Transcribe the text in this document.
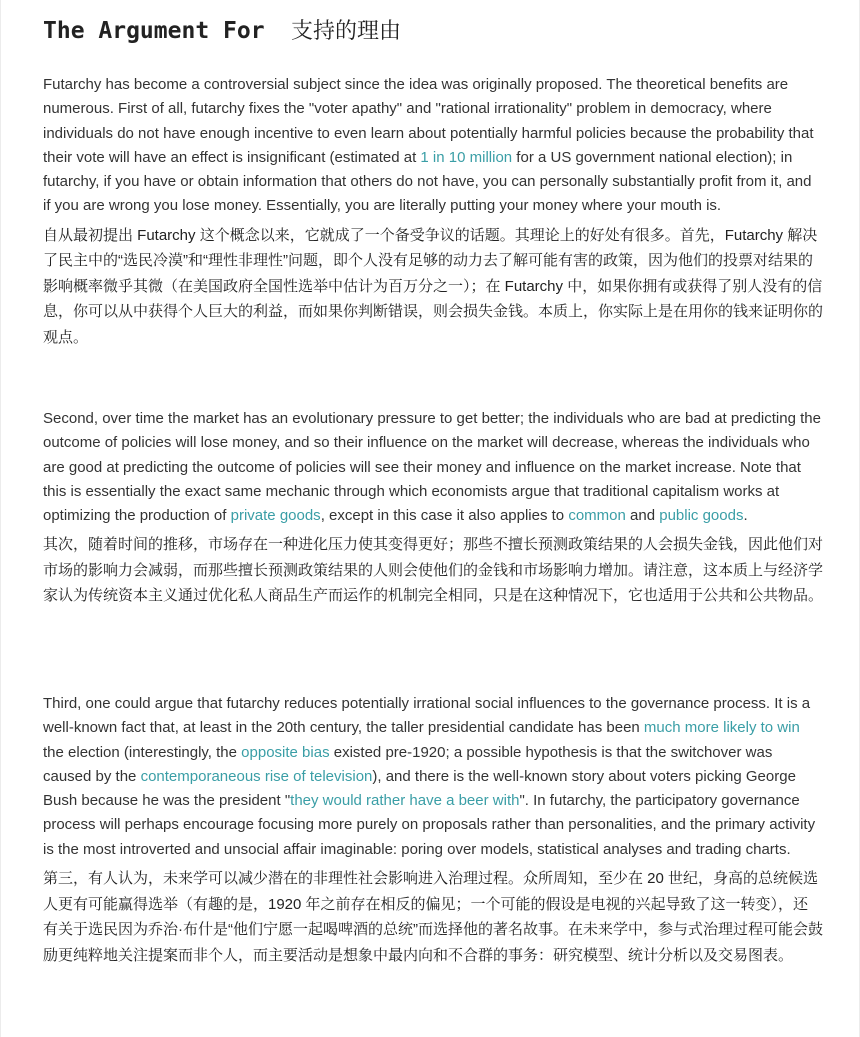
The Argument For 支持的理由

Futarchy has become a controversial subject since the idea was originally proposed. The theoretical benefits are numerous. First of all, futarchy fixes the "voter apathy" and "rational irrationality" problem in democracy, where individuals do not have enough incentive to even learn about potentially harmful policies because the probability that their vote will have an effect is insignificant (estimated at 1 in 10 million for a US government national election); in futarchy, if you have or obtain information that others do not have, you can personally substantially profit from it, and if you are wrong you lose money. Essentially, you are literally putting your money where your mouth is.

自从最初提出 Futarchy 这个概念以来，它就成了一个备受争议的话题。其理论上的好处有很多。首先，Futarchy 解决了民主中的“选民冷漠”和“理性非理性”问题，即个人没有足够的动力去了解可能有害的政策，因为他们的投票对结果的影响概率微乎其微（在美国政府全国性选举中估计为百万分之一）；在 Futarchy 中，如果你拥有或获得了别人没有的信息，你可以从中获得个人巨大的利益，而如果你判断错误，则会损失金钱。本质上，你实际上是在用你的钱来证明你的观点。

Second, over time the market has an evolutionary pressure to get better; the individuals who are bad at predicting the outcome of policies will lose money, and so their influence on the market will decrease, whereas the individuals who are good at predicting the outcome of policies will see their money and influence on the market increase. Note that this is essentially the exact same mechanic through which economists argue that traditional capitalism works at optimizing the production of private goods, except in this case it also applies to common and public goods.

其次，随着时间的推移，市场存在一种进化压力使其变得更好；那些不擅长预测政策结果的人会损失金钱，因此他们对市场的影响力会减弱，而那些擅长预测政策结果的人则会使他们的金钱和市场影响力增加。请注意，这本质上与经济学家认为传统资本主义通过优化私人商品生产而运作的机制完全相同，只是在这种情况下，它也适用于公共和公共物品。

Third, one could argue that futarchy reduces potentially irrational social influences to the governance process. It is a well-known fact that, at least in the 20th century, the taller presidential candidate has been much more likely to win the election (interestingly, the opposite bias existed pre-1920; a possible hypothesis is that the switchover was caused by the contemporaneous rise of television), and there is the well-known story about voters picking George Bush because he was the president "they would rather have a beer with". In futarchy, the participatory governance process will perhaps encourage focusing more purely on proposals rather than personalities, and the primary activity is the most introverted and unsocial affair imaginable: poring over models, statistical analyses and trading charts.

第三，有人认为，未来学可以减少潜在的非理性社会影响进入治理过程。众所周知，至少在 20 世纪，身高的总统候选人更有可能赢得选举（有趣的是，1920 年之前存在相反的偏见；一个可能的假设是电视的兴起导致了这一转变），还有关于选民因为乔治·布什是“他们宁愿一起喝啤酒的总统”而选择他的著名故事。在未来学中，参与式治理过程可能会鼓励更纯粹地关注提案而非个人，而主要活动是想象中最内向和不合群的事务：研究模型、统计分析以及交易图表。
